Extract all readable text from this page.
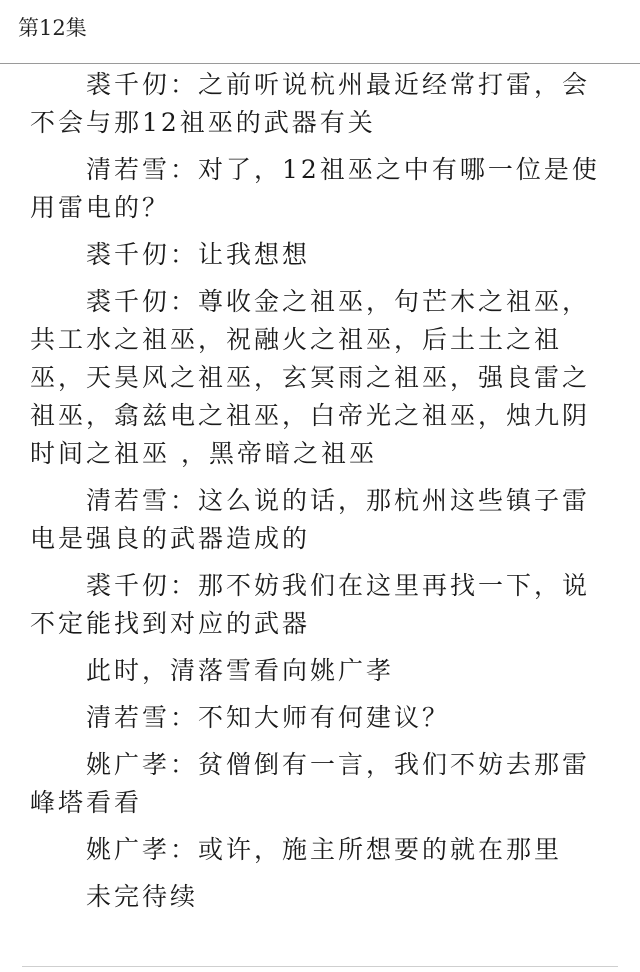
第12集

裘千仞：之前听说杭州最近经常打雷，会不会与那12祖巫的武器有关

清若雪：对了，12祖巫之中有哪一位是使用雷电的？

裘千仞：让我想想

裘千仞：尊收金之祖巫，句芒木之祖巫，共工水之祖巫，祝融火之祖巫，后土土之祖巫，天昊风之祖巫，玄冥雨之祖巫，强良雷之祖巫，翕兹电之祖巫，白帝光之祖巫，烛九阴时间之祖巫 ，黑帝暗之祖巫

清若雪：这么说的话，那杭州这些镇子雷电是强良的武器造成的

裘千仞：那不妨我们在这里再找一下，说不定能找到对应的武器

此时，清落雪看向姚广孝

清若雪：不知大师有何建议？

姚广孝：贫僧倒有一言，我们不妨去那雷峰塔看看

姚广孝：或许，施主所想要的就在那里

未完待续
